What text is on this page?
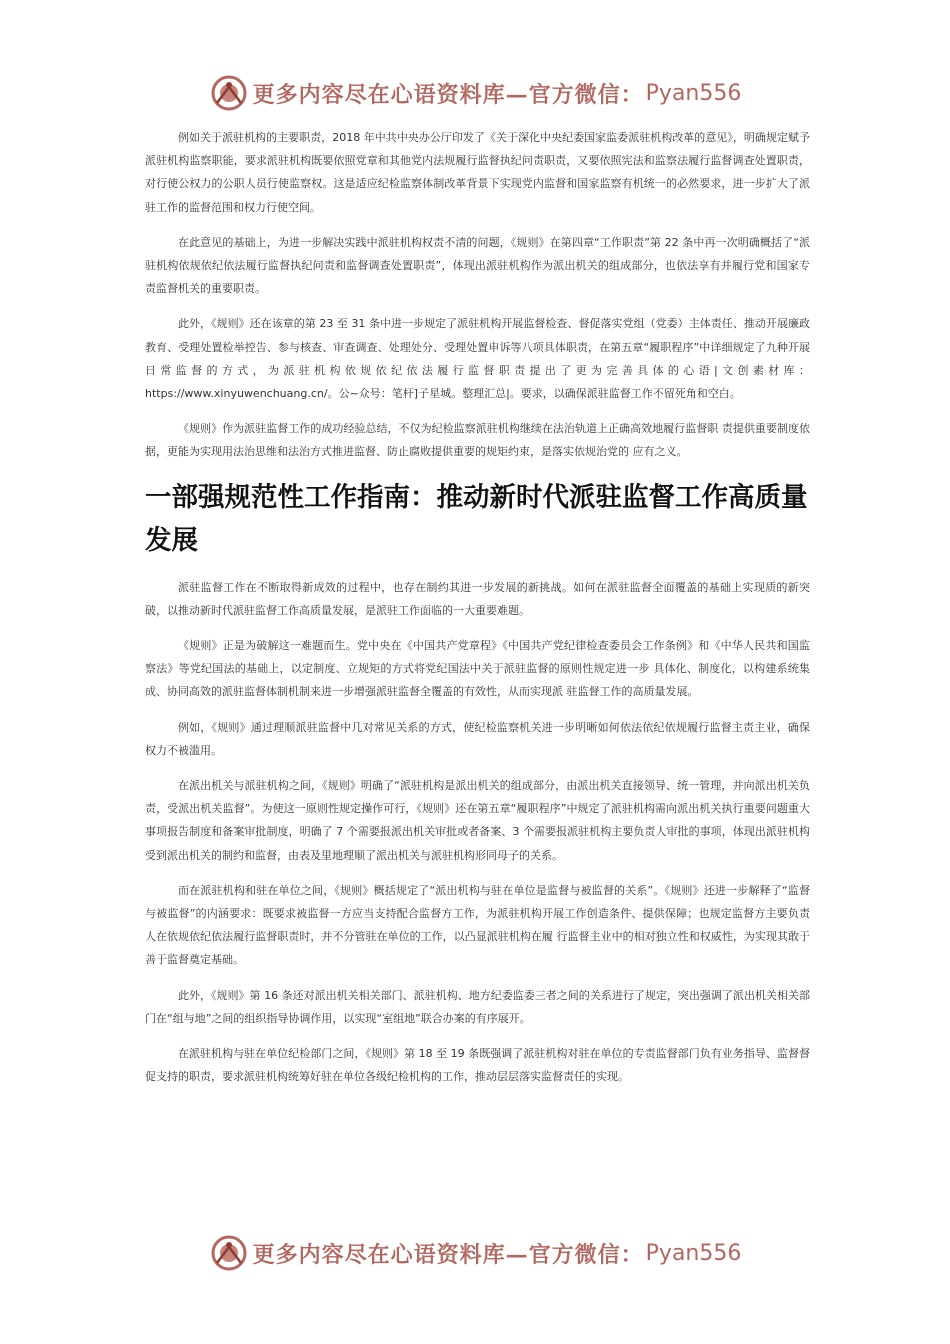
更多内容尽在心语资料库—官方微信： Pyan556

例如关于派驻机构的主要职责，2018 年中共中央办公厅印发了《关于深化中央纪委国家监委派驻机构改革的意见》，明确规定赋予派驻机构监察职能，要求派驻机构既要依照党章和其他党内法规履行监督执纪问责职责，又要依照宪法和监察法履行监督调查处置职责，对行使公权力的公职人员行使监察权。这是适应纪检监察体制改革背景下实现党内监督和国家监察有机统一的必然要求，进一步扩大了派驻工作的监督范围和权力行使空间。

在此意见的基础上，为进一步解决实践中派驻机构权责不清的问题，《规则》在第四章“工作职责”第 22 条中再一次明确概括了“派驻机构依规依纪依法履行监督执纪问责和监督调查处置职责”，体现出派驻机构作为派出机关的组成部分，也依法享有并履行党和国家专责监督机关的重要职责。

此外，《规则》还在该章的第 23 至 31 条中进一步规定了派驻机构开展监督检查、督促落实党组（党委）主体责任、推动开展廉政教育、受理处置检举控告、参与核查、审查调查、处理处分、受理处置申诉等八项具体职责，在第五章“履职程序”中详细规定了九种开展日常监督的方式，为派驻机构依规依纪依法履行监督职责提出了更为完善具体的心语|文创素材库：https://www.xinyuwenchuang.cn/。公~众号：笔杆]子星城。整理汇总|。要求，以确保派驻监督工作不留死角和空白。

《规则》作为派驻监督工作的成功经验总结，不仅为纪检监察派驻机构继续在法治轨道上正确高效地履行监督职 责提供重要制度依据，更能为实现用法治思维和法治方式推进监督、防止腐败提供重要的规矩约束，是落实依规治党的 应有之义。

一部强规范性工作指南：推动新时代派驻监督工作高质量发展

派驻监督工作在不断取得新成效的过程中，也存在制约其进一步发展的新挑战。如何在派驻监督全面覆盖的基础上实现质的新突破，以推动新时代派驻监督工作高质量发展，是派驻工作面临的一大重要难题。

《规则》正是为破解这一难题而生。党中央在《中国共产党章程》《中国共产党纪律检查委员会工作条例》和《中华人民共和国监察法》等党纪国法的基础上，以定制度、立规矩的方式将党纪国法中关于派驻监督的原则性规定进一步 具体化、制度化，以构建系统集成、协同高效的派驻监督体制机制来进一步增强派驻监督全覆盖的有效性，从而实现派 驻监督工作的高质量发展。

例如，《规则》通过理顺派驻监督中几对常见关系的方式，使纪检监察机关进一步明晰如何依法依纪依规履行监督主责主业，确保权力不被滥用。

在派出机关与派驻机构之间，《规则》明确了“派驻机构是派出机关的组成部分，由派出机关直接领导、统一管理，并向派出机关负责，受派出机关监督”。为使这一原则性规定操作可行，《规则》还在第五章“履职程序”中规定了派驻机构需向派出机关执行重要问题重大事项报告制度和备案审批制度，明确了 7 个需要报派出机关审批或者备案、3 个需要报派驻机构主要负责人审批的事项，体现出派驻机构受到派出机关的制约和监督，由表及里地理顺了派出机关与派驻机构形同母子的关系。

而在派驻机构和驻在单位之间，《规则》概括规定了“派出机构与驻在单位是监督与被监督的关系”。《规则》还进一步解释了“监督与被监督”的内涵要求：既要求被监督一方应当支持配合监督方工作，为派驻机构开展工作创造条件、提供保障；也规定监督方主要负责人在依规依纪依法履行监督职责时，并不分管驻在单位的工作，以凸显派驻机构在履 行监督主业中的相对独立性和权威性，为实现其敢于善于监督奠定基础。

此外，《规则》第 16 条还对派出机关相关部门、派驻机构、地方纪委监委三者之间的关系进行了规定，突出强调了派出机关相关部门在“组与地”之间的组织指导协调作用，以实现“室组地”联合办案的有序展开。

在派驻机构与驻在单位纪检部门之间，《规则》第 18 至 19 条既强调了派驻机构对驻在单位的专责监督部门负有业务指导、监督督促支持的职责，要求派驻机构统筹好驻在单位各级纪检机构的工作，推动层层落实监督责任的实现。

更多内容尽在心语资料库—官方微信： Pyan556
